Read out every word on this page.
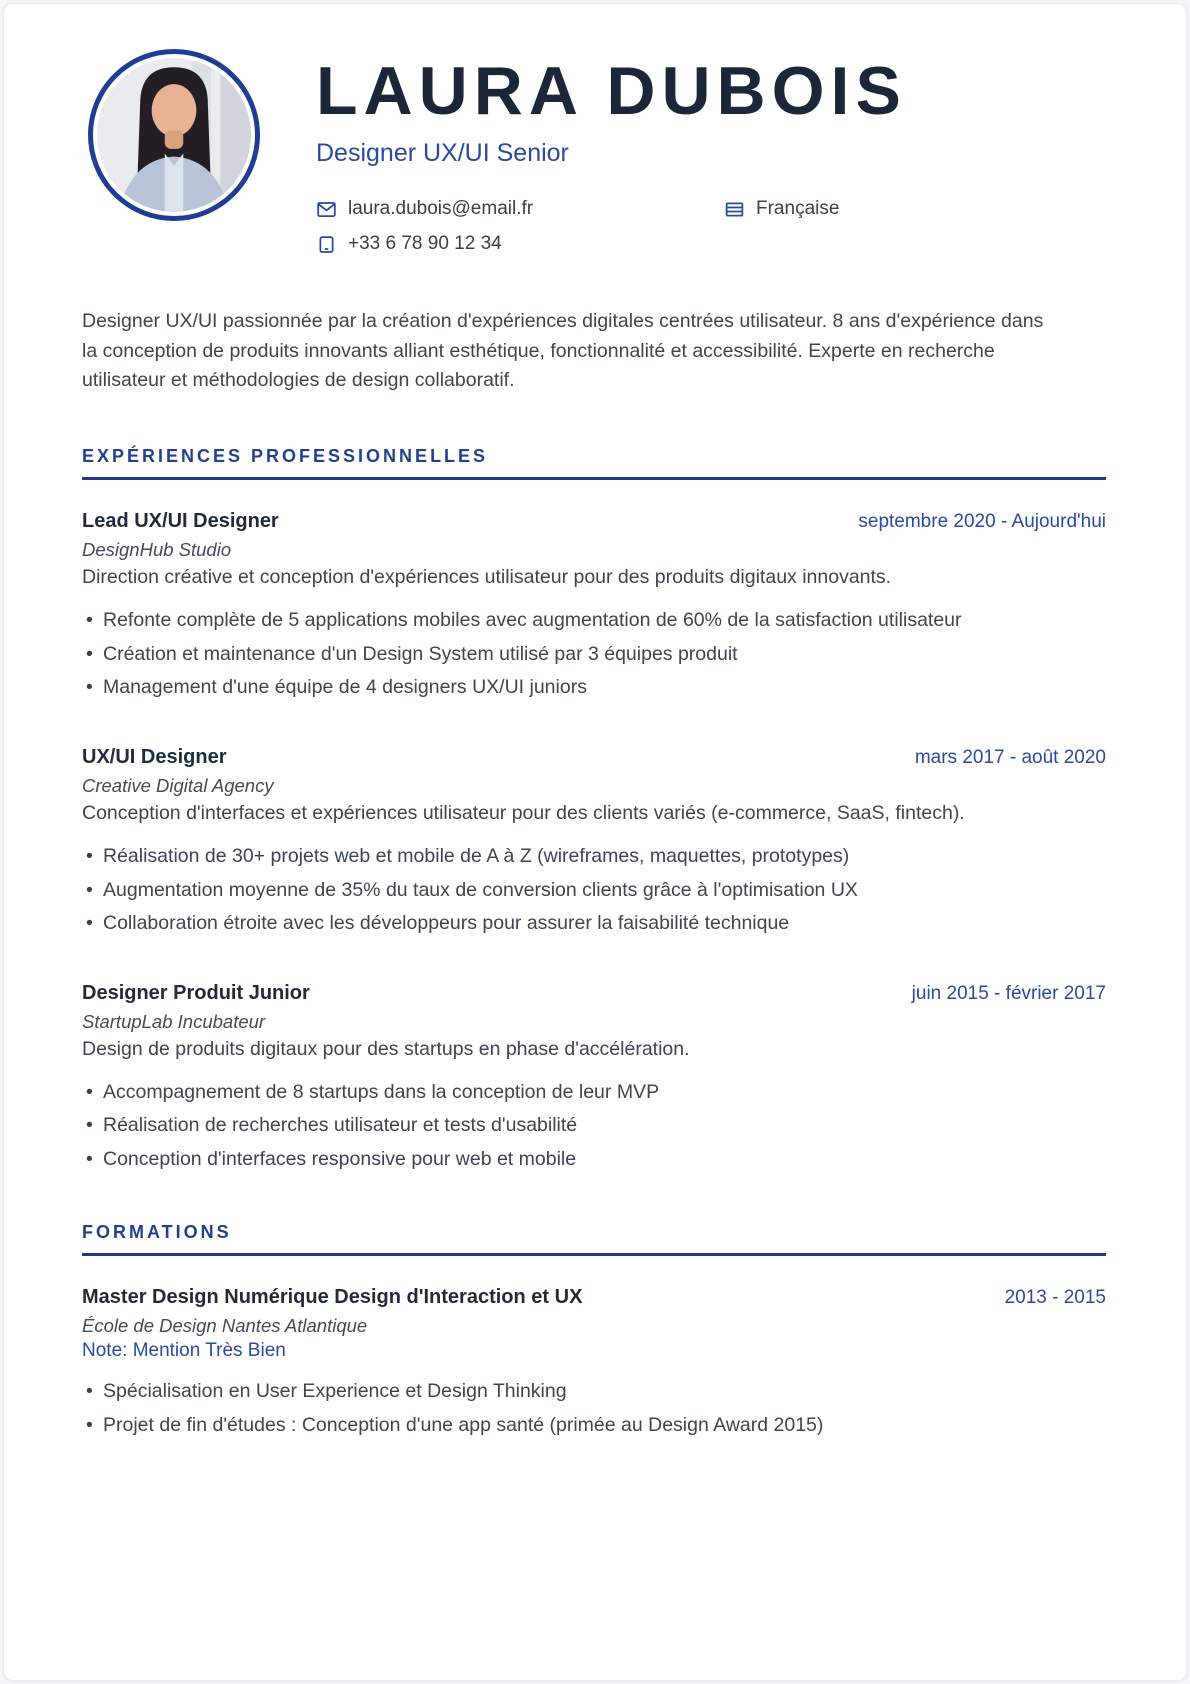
LAURA DUBOIS
Designer UX/UI Senior
laura.dubois@email.fr	Française
+33 6 78 90 12 34

Designer UX/UI passionnée par la création d'expériences digitales centrées utilisateur. 8 ans d'expérience dans la conception de produits innovants alliant esthétique, fonctionnalité et accessibilité. Experte en recherche utilisateur et méthodologies de design collaboratif.

EXPÉRIENCES PROFESSIONNELLES
Lead UX/UI Designer	septembre 2020 - Aujourd'hui
DesignHub Studio
Direction créative et conception d'expériences utilisateur pour des produits digitaux innovants.
• Refonte complète de 5 applications mobiles avec augmentation de 60% de la satisfaction utilisateur
• Création et maintenance d'un Design System utilisé par 3 équipes produit
• Management d'une équipe de 4 designers UX/UI juniors
UX/UI Designer	mars 2017 - août 2020
Creative Digital Agency
Conception d'interfaces et expériences utilisateur pour des clients variés (e-commerce, SaaS, fintech).
• Réalisation de 30+ projets web et mobile de A à Z (wireframes, maquettes, prototypes)
• Augmentation moyenne de 35% du taux de conversion clients grâce à l'optimisation UX
• Collaboration étroite avec les développeurs pour assurer la faisabilité technique
Designer Produit Junior	juin 2015 - février 2017
StartupLab Incubateur
Design de produits digitaux pour des startups en phase d'accélération.
• Accompagnement de 8 startups dans la conception de leur MVP
• Réalisation de recherches utilisateur et tests d'usabilité
• Conception d'interfaces responsive pour web et mobile
FORMATIONS
Master Design Numérique Design d'Interaction et UX	2013 - 2015
École de Design Nantes Atlantique
Note: Mention Très Bien
• Spécialisation en User Experience et Design Thinking
• Projet de fin d'études : Conception d'une app santé (primée au Design Award 2015)
